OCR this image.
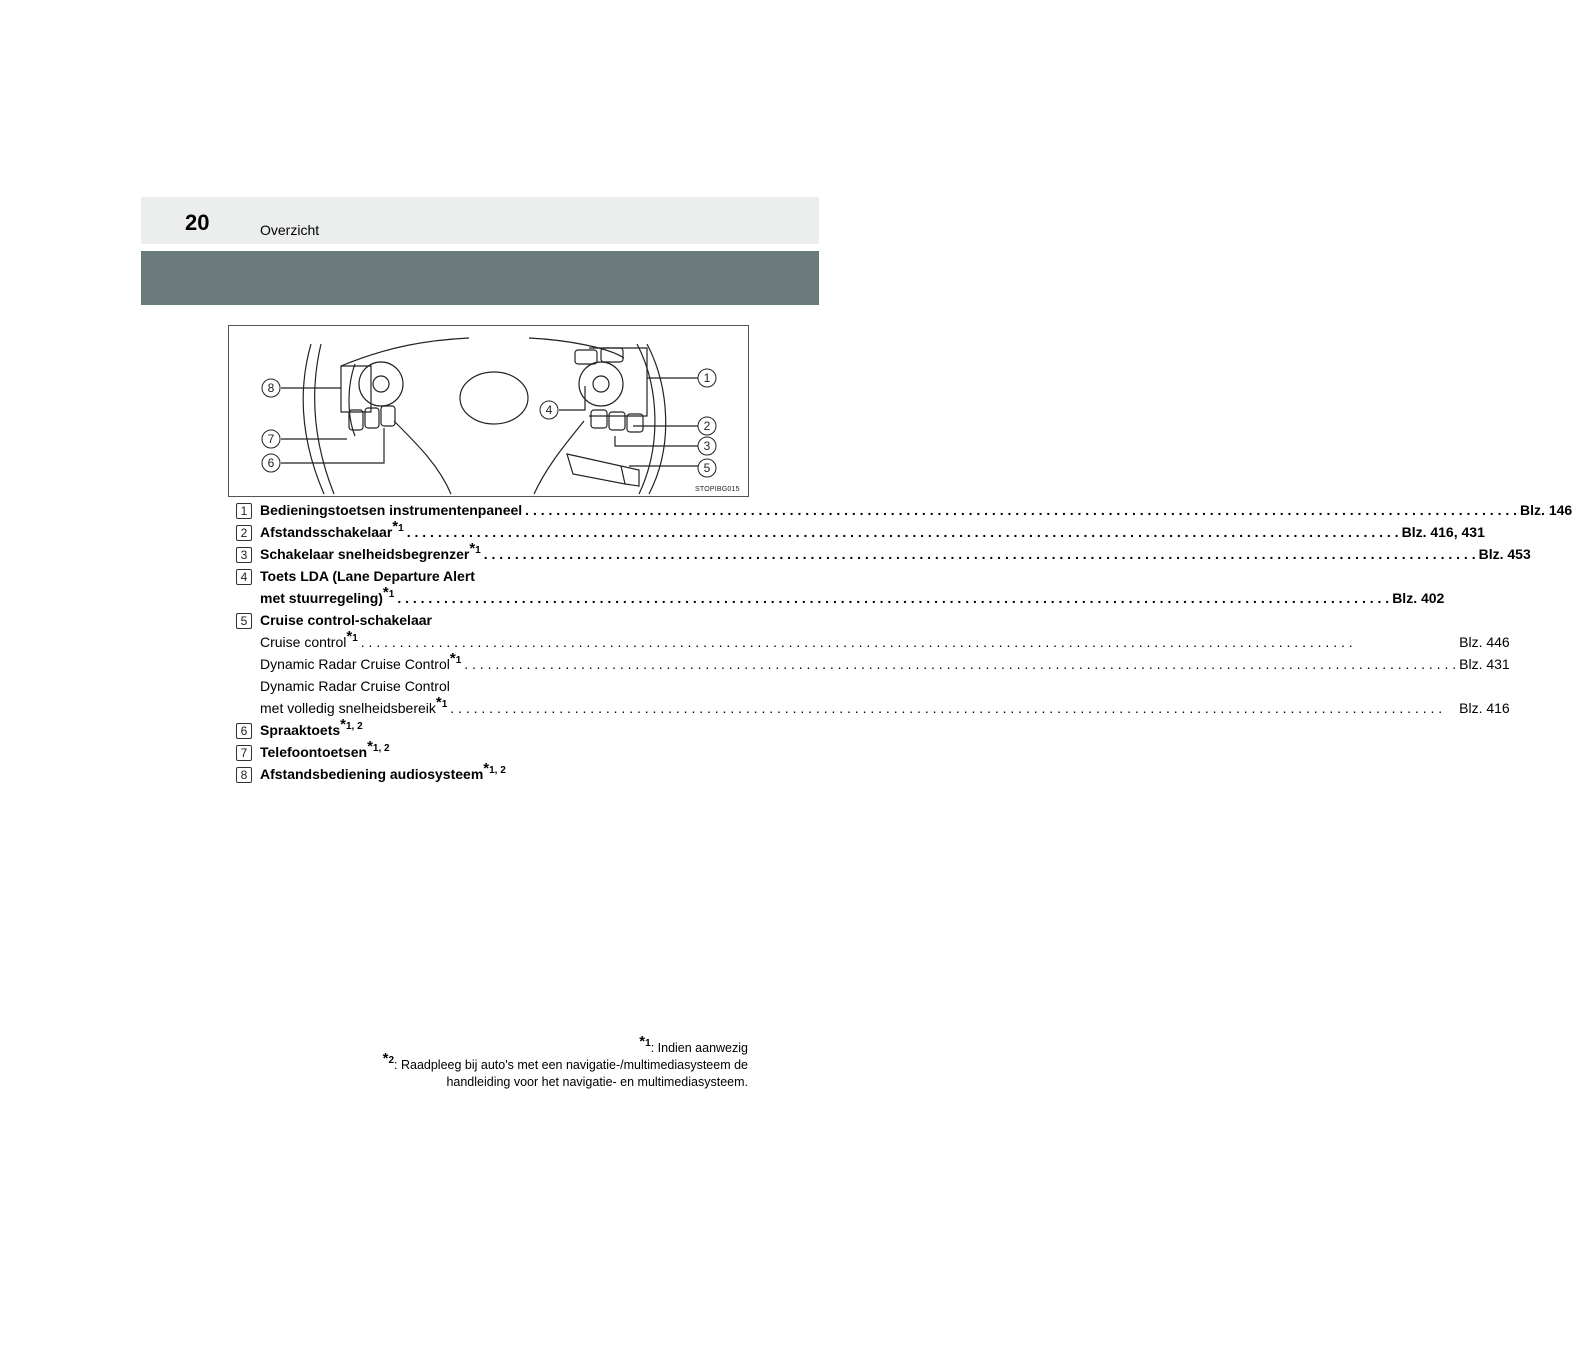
20	Overzicht
8
7
6
4
1
2
3
5
STOPIBG015
1 Bedieningstoetsen instrumentenpaneel . . .	Blz. 146
2 Afstandsschakelaar$^{*1}$ . . .	Blz. 416, 431
3 Schakelaar snelheidsbegrenzer$^{*1}$ . . .	Blz. 453
4 Toets LDA (Lane Departure Alert
met stuurregeling)$^{*1}$ . . .	Blz. 402
5 Cruise control-schakelaar
Cruise control$^{*1}$ . . .	Blz. 446
Dynamic Radar Cruise Control$^{*1}$ . . .	Blz. 431
Dynamic Radar Cruise Control
met volledig snelheidsbereik$^{*1}$ . . .	Blz. 416
6 Spraaktoets$^{*1, 2}$
7 Telefoontoetsen$^{*1, 2}$
8 Afstandsbediening audiosysteem$^{*1, 2}$
$^{*1}$: Indien aanwezig
$^{*2}$: Raadpleeg bij auto's met een navigatie-/multimediasysteem de
handleiding voor het navigatie- en multimediasysteem.
